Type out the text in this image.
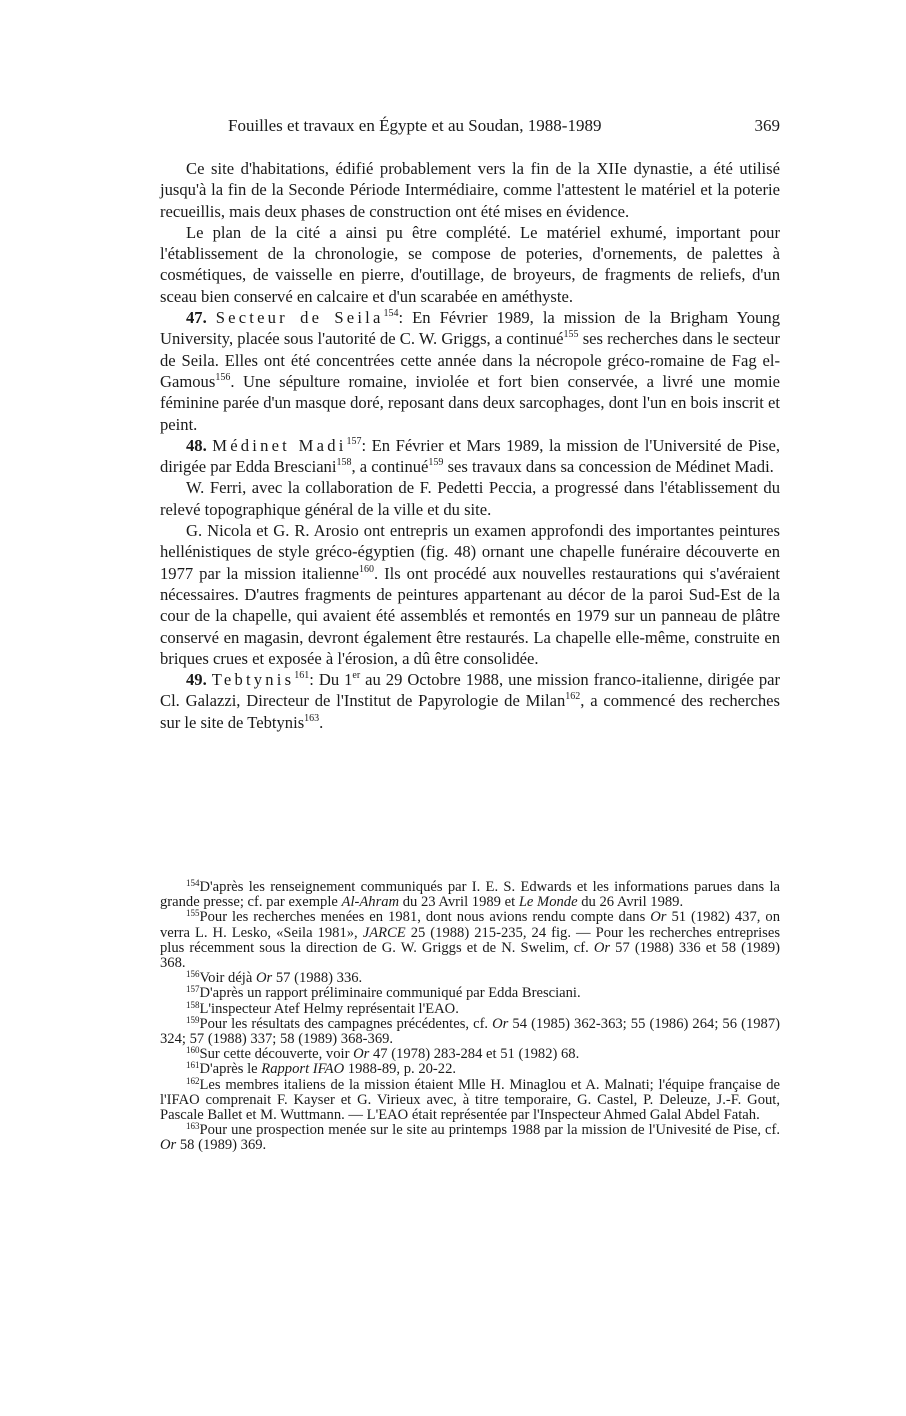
Fouilles et travaux en Égypte et au Soudan, 1988-1989	369

Ce site d'habitations, édifié probablement vers la fin de la XIIe dynastie, a été utilisé jusqu'à la fin de la Seconde Période Intermédiaire, comme l'attestent le matériel et la poterie recueillis, mais deux phases de construction ont été mises en évidence.

Le plan de la cité a ainsi pu être complété. Le matériel exhumé, important pour l'établissement de la chronologie, se compose de poteries, d'ornements, de palettes à cosmétiques, de vaisselle en pierre, d'outillage, de broyeurs, de fragments de reliefs, d'un sceau bien conservé en calcaire et d'un scarabée en améthyste.

47. Secteur de Seila$^{154}$: En Février 1989, la mission de la Brigham Young University, placée sous l'autorité de C. W. Griggs, a continué$^{155}$ ses recherches dans le secteur de Seila. Elles ont été concentrées cette année dans la nécropole gréco-romaine de Fag el-Gamous$^{156}$. Une sépulture romaine, inviolée et fort bien conservée, a livré une momie féminine parée d'un masque doré, reposant dans deux sarcophages, dont l'un en bois inscrit et peint.

48. Médinet Madi$^{157}$: En Février et Mars 1989, la mission de l'Université de Pise, dirigée par Edda Bresciani$^{158}$, a continué$^{159}$ ses travaux dans sa concession de Médinet Madi.

W. Ferri, avec la collaboration de F. Pedetti Peccia, a progressé dans l'établissement du relevé topographique général de la ville et du site.

G. Nicola et G. R. Arosio ont entrepris un examen approfondi des importantes peintures hellénistiques de style gréco-égyptien (fig. 48) ornant une chapelle funéraire découverte en 1977 par la mission italienne$^{160}$. Ils ont procédé aux nouvelles restaurations qui s'avéraient nécessaires. D'autres fragments de peintures appartenant au décor de la paroi Sud-Est de la cour de la chapelle, qui avaient été assemblés et remontés en 1979 sur un panneau de plâtre conservé en magasin, devront également être restaurés. La chapelle elle-même, construite en briques crues et exposée à l'érosion, a dû être consolidée.

49. Tebtynis$^{161}$: Du 1er au 29 Octobre 1988, une mission franco-italienne, dirigée par Cl. Galazzi, Directeur de l'Institut de Papyrologie de Milan$^{162}$, a commencé des recherches sur le site de Tebtynis$^{163}$.

$^{154}$D'après les renseignement communiqués par I. E. S. Edwards et les informations parues dans la grande presse; cf. par exemple Al-Ahram du 23 Avril 1989 et Le Monde du 26 Avril 1989.

$^{155}$Pour les recherches menées en 1981, dont nous avions rendu compte dans Or 51 (1982) 437, on verra L. H. Lesko, «Seila 1981», JARCE 25 (1988) 215-235, 24 fig. — Pour les recherches entreprises plus récemment sous la direction de G. W. Griggs et de N. Swelim, cf. Or 57 (1988) 336 et 58 (1989) 368.

$^{156}$Voir déjà Or 57 (1988) 336.

$^{157}$D'après un rapport préliminaire communiqué par Edda Bresciani.

$^{158}$L'inspecteur Atef Helmy représentait l'EAO.

$^{159}$Pour les résultats des campagnes précédentes, cf. Or 54 (1985) 362-363; 55 (1986) 264; 56 (1987) 324; 57 (1988) 337; 58 (1989) 368-369.

$^{160}$Sur cette découverte, voir Or 47 (1978) 283-284 et 51 (1982) 68.

$^{161}$D'après le Rapport IFAO 1988-89, p. 20-22.

$^{162}$Les membres italiens de la mission étaient Mlle H. Minaglou et A. Malnati; l'équipe française de l'IFAO comprenait F. Kayser et G. Virieux avec, à titre temporaire, G. Castel, P. Deleuze, J.-F. Gout, Pascale Ballet et M. Wuttmann. — L'EAO était représentée par l'Inspecteur Ahmed Galal Abdel Fatah.

$^{163}$Pour une prospection menée sur le site au printemps 1988 par la mission de l'Univesité de Pise, cf. Or 58 (1989) 369.
